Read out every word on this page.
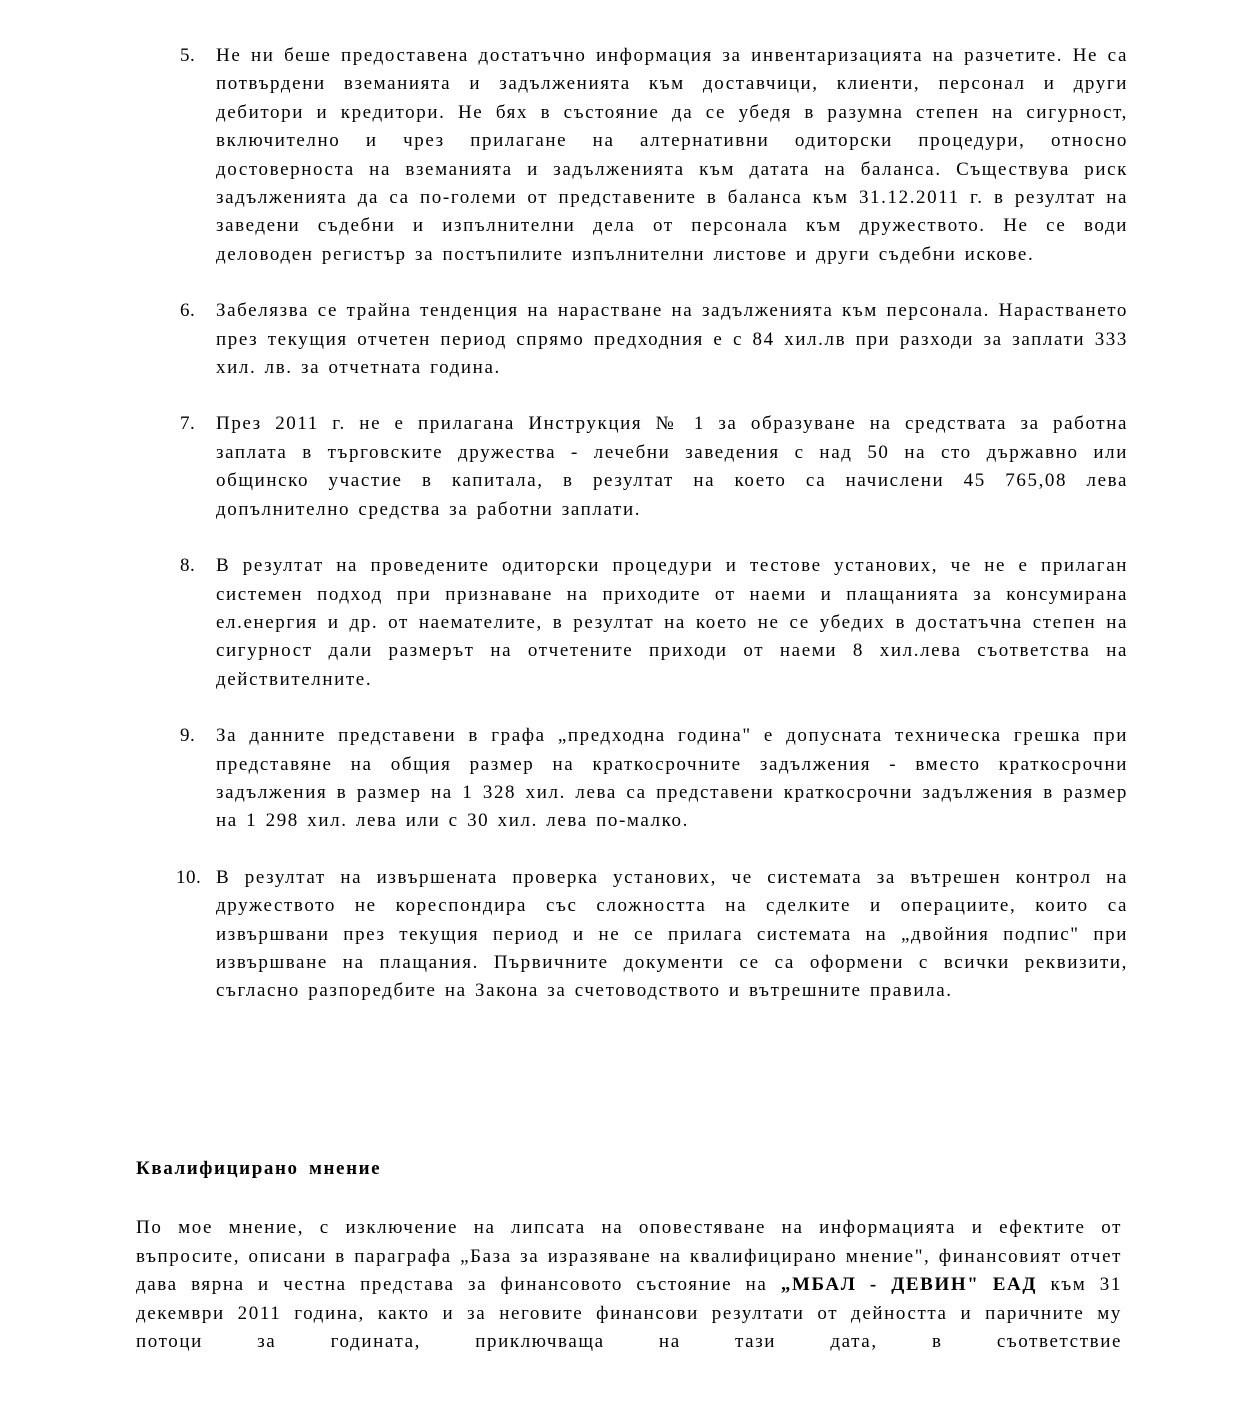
5. Не ни беше предоставена достатъчно информация за инвентаризацията на разчетите. Не са потвърдени вземанията и задълженията към доставчици, клиенти, персонал и други дебитори и кредитори. Не бях в състояние да се убедя в разумна степен на сигурност, включително и чрез прилагане на алтернативни одиторски процедури, относно достоверноста на вземанията и задълженията към датата на баланса. Съществува риск задълженията да са по-големи от представените в баланса към 31.12.2011 г. в резултат на заведени съдебни и изпълнителни дела от персонала към дружеството. Не се води деловоден регистър за постъпилите изпълнителни листове и други съдебни искове.
6. Забелязва се трайна тенденция на нарастване на задълженията към персонала. Нарастването през текущия отчетен период спрямо предходния е с 84 хил.лв при разходи за заплати 333 хил. лв. за отчетната година.
7. През 2011 г. не е прилагана Инструкция № 1 за образуване на средствата за работна заплата в търговските дружества - лечебни заведения с над 50 на сто държавно или общинско участие в капитала, в резултат на което са начислени 45 765,08 лева допълнително средства за работни заплати.
8. В резултат на проведените одиторски процедури и тестове установих, че не е прилаган системен подход при признаване на приходите от наеми и плащанията за консумирана ел.енергия и др. от наемателите, в резултат на което не се убедих в достатъчна степен на сигурност дали размерът на отчетените приходи от наеми 8 хил.лева съответства на действителните.
9. За данните представени в графа „предходна година" е допусната техническа грешка при представяне на общия размер на краткосрочните задължения - вместо краткосрочни задължения в размер на 1 328 хил. лева са представени краткосрочни задължения в размер на 1 298 хил. лева или с 30 хил. лева по-малко.
10. В резултат на извършената проверка установих, че системата за вътрешен контрол на дружеството не кореспондира със сложността на сделките и операциите, които са извършвани през текущия период и не се прилага системата на „двойния подпис" при извършване на плащания. Първичните документи се са оформени с всички реквизити, съгласно разпоредбите на Закона за счетоводството и вътрешните правила.
Квалифицирано мнение

По мое мнение, с изключение на липсата на оповестяване на информацията и ефектите от въпросите, описани в параграфа „База за изразяване на квалифицирано мнение", финансовият отчет дава вярна и честна представа за финансовото състояние на „МБАЛ - ДЕВИН" ЕАД към 31 декември 2011 година, както и за неговите финансови резултати от дейността и паричните му потоци за годината, приключваща на тази дата, в съответствие
